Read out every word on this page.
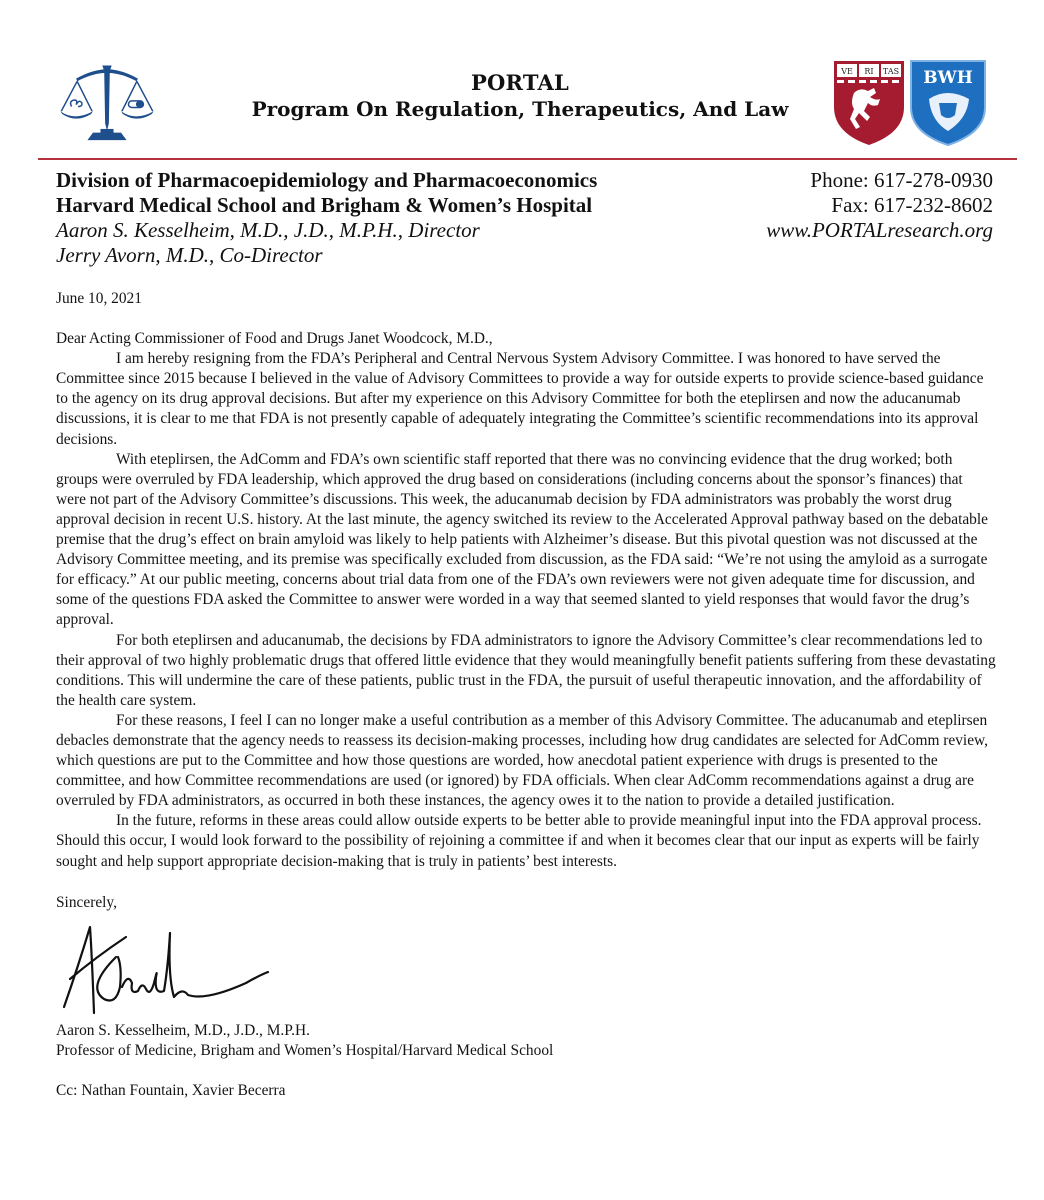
PORTAL
Program On Regulation, Therapeutics, And Law
VE RI TAS BWH
Division of Pharmacoepidemiology and Pharmacoeconomics
Harvard Medical School and Brigham & Women’s Hospital
Aaron S. Kesselheim, M.D., J.D., M.P.H., Director
Jerry Avorn, M.D., Co-Director
Phone: 617-278-0930
Fax: 617-232-8602
www.PORTALresearch.org

June 10, 2021

Dear Acting Commissioner of Food and Drugs Janet Woodcock, M.D.,

I am hereby resigning from the FDA’s Peripheral and Central Nervous System Advisory Committee. I was honored to have served the Committee since 2015 because I believed in the value of Advisory Committees to provide a way for outside experts to provide science-based guidance to the agency on its drug approval decisions. But after my experience on this Advisory Committee for both the eteplirsen and now the aducanumab discussions, it is clear to me that FDA is not presently capable of adequately integrating the Committee’s scientific recommendations into its approval decisions.

With eteplirsen, the AdComm and FDA’s own scientific staff reported that there was no convincing evidence that the drug worked; both groups were overruled by FDA leadership, which approved the drug based on considerations (including concerns about the sponsor’s finances) that were not part of the Advisory Committee’s discussions. This week, the aducanumab decision by FDA administrators was probably the worst drug approval decision in recent U.S. history. At the last minute, the agency switched its review to the Accelerated Approval pathway based on the debatable premise that the drug’s effect on brain amyloid was likely to help patients with Alzheimer’s disease. But this pivotal question was not discussed at the Advisory Committee meeting, and its premise was specifically excluded from discussion, as the FDA said: “We’re not using the amyloid as a surrogate for efficacy.” At our public meeting, concerns about trial data from one of the FDA’s own reviewers were not given adequate time for discussion, and some of the questions FDA asked the Committee to answer were worded in a way that seemed slanted to yield responses that would favor the drug’s approval.

For both eteplirsen and aducanumab, the decisions by FDA administrators to ignore the Advisory Committee’s clear recommendations led to their approval of two highly problematic drugs that offered little evidence that they would meaningfully benefit patients suffering from these devastating conditions. This will undermine the care of these patients, public trust in the FDA, the pursuit of useful therapeutic innovation, and the affordability of the health care system.

For these reasons, I feel I can no longer make a useful contribution as a member of this Advisory Committee. The aducanumab and eteplirsen debacles demonstrate that the agency needs to reassess its decision-making processes, including how drug candidates are selected for AdComm review, which questions are put to the Committee and how those questions are worded, how anecdotal patient experience with drugs is presented to the committee, and how Committee recommendations are used (or ignored) by FDA officials. When clear AdComm recommendations against a drug are overruled by FDA administrators, as occurred in both these instances, the agency owes it to the nation to provide a detailed justification.

In the future, reforms in these areas could allow outside experts to be better able to provide meaningful input into the FDA approval process. Should this occur, I would look forward to the possibility of rejoining a committee if and when it becomes clear that our input as experts will be fairly sought and help support appropriate decision-making that is truly in patients’ best interests.

Sincerely,

Aaron S. Kesselheim, M.D., J.D., M.P.H.

Professor of Medicine, Brigham and Women’s Hospital/Harvard Medical School

Cc: Nathan Fountain, Xavier Becerra
